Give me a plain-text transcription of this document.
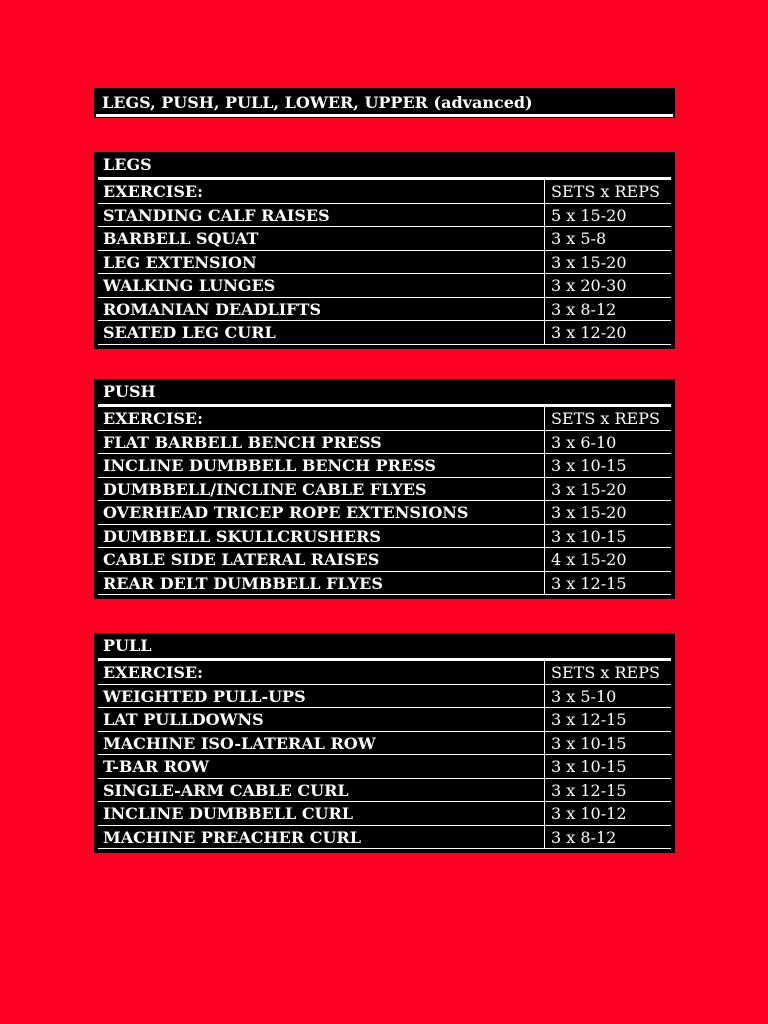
LEGS, PUSH, PULL, LOWER, UPPER (advanced)
LEGS
EXERCISE:	SETS x REPS
STANDING CALF RAISES	5 x 15-20
BARBELL SQUAT	3 x 5-8
LEG EXTENSION	3 x 15-20
WALKING LUNGES	3 x 20-30
ROMANIAN DEADLIFTS	3 x 8-12
SEATED LEG CURL	3 x 12-20
PUSH
EXERCISE:	SETS x REPS
FLAT BARBELL BENCH PRESS	3 x 6-10
INCLINE DUMBBELL BENCH PRESS	3 x 10-15
DUMBBELL/INCLINE CABLE FLYES	3 x 15-20
OVERHEAD TRICEP ROPE EXTENSIONS	3 x 15-20
DUMBBELL SKULLCRUSHERS	3 x 10-15
CABLE SIDE LATERAL RAISES	4 x 15-20
REAR DELT DUMBBELL FLYES	3 x 12-15
PULL
EXERCISE:	SETS x REPS
WEIGHTED PULL-UPS	3 x 5-10
LAT PULLDOWNS	3 x 12-15
MACHINE ISO-LATERAL ROW	3 x 10-15
T-BAR ROW	3 x 10-15
SINGLE-ARM CABLE CURL	3 x 12-15
INCLINE DUMBBELL CURL	3 x 10-12
MACHINE PREACHER CURL	3 x 8-12
